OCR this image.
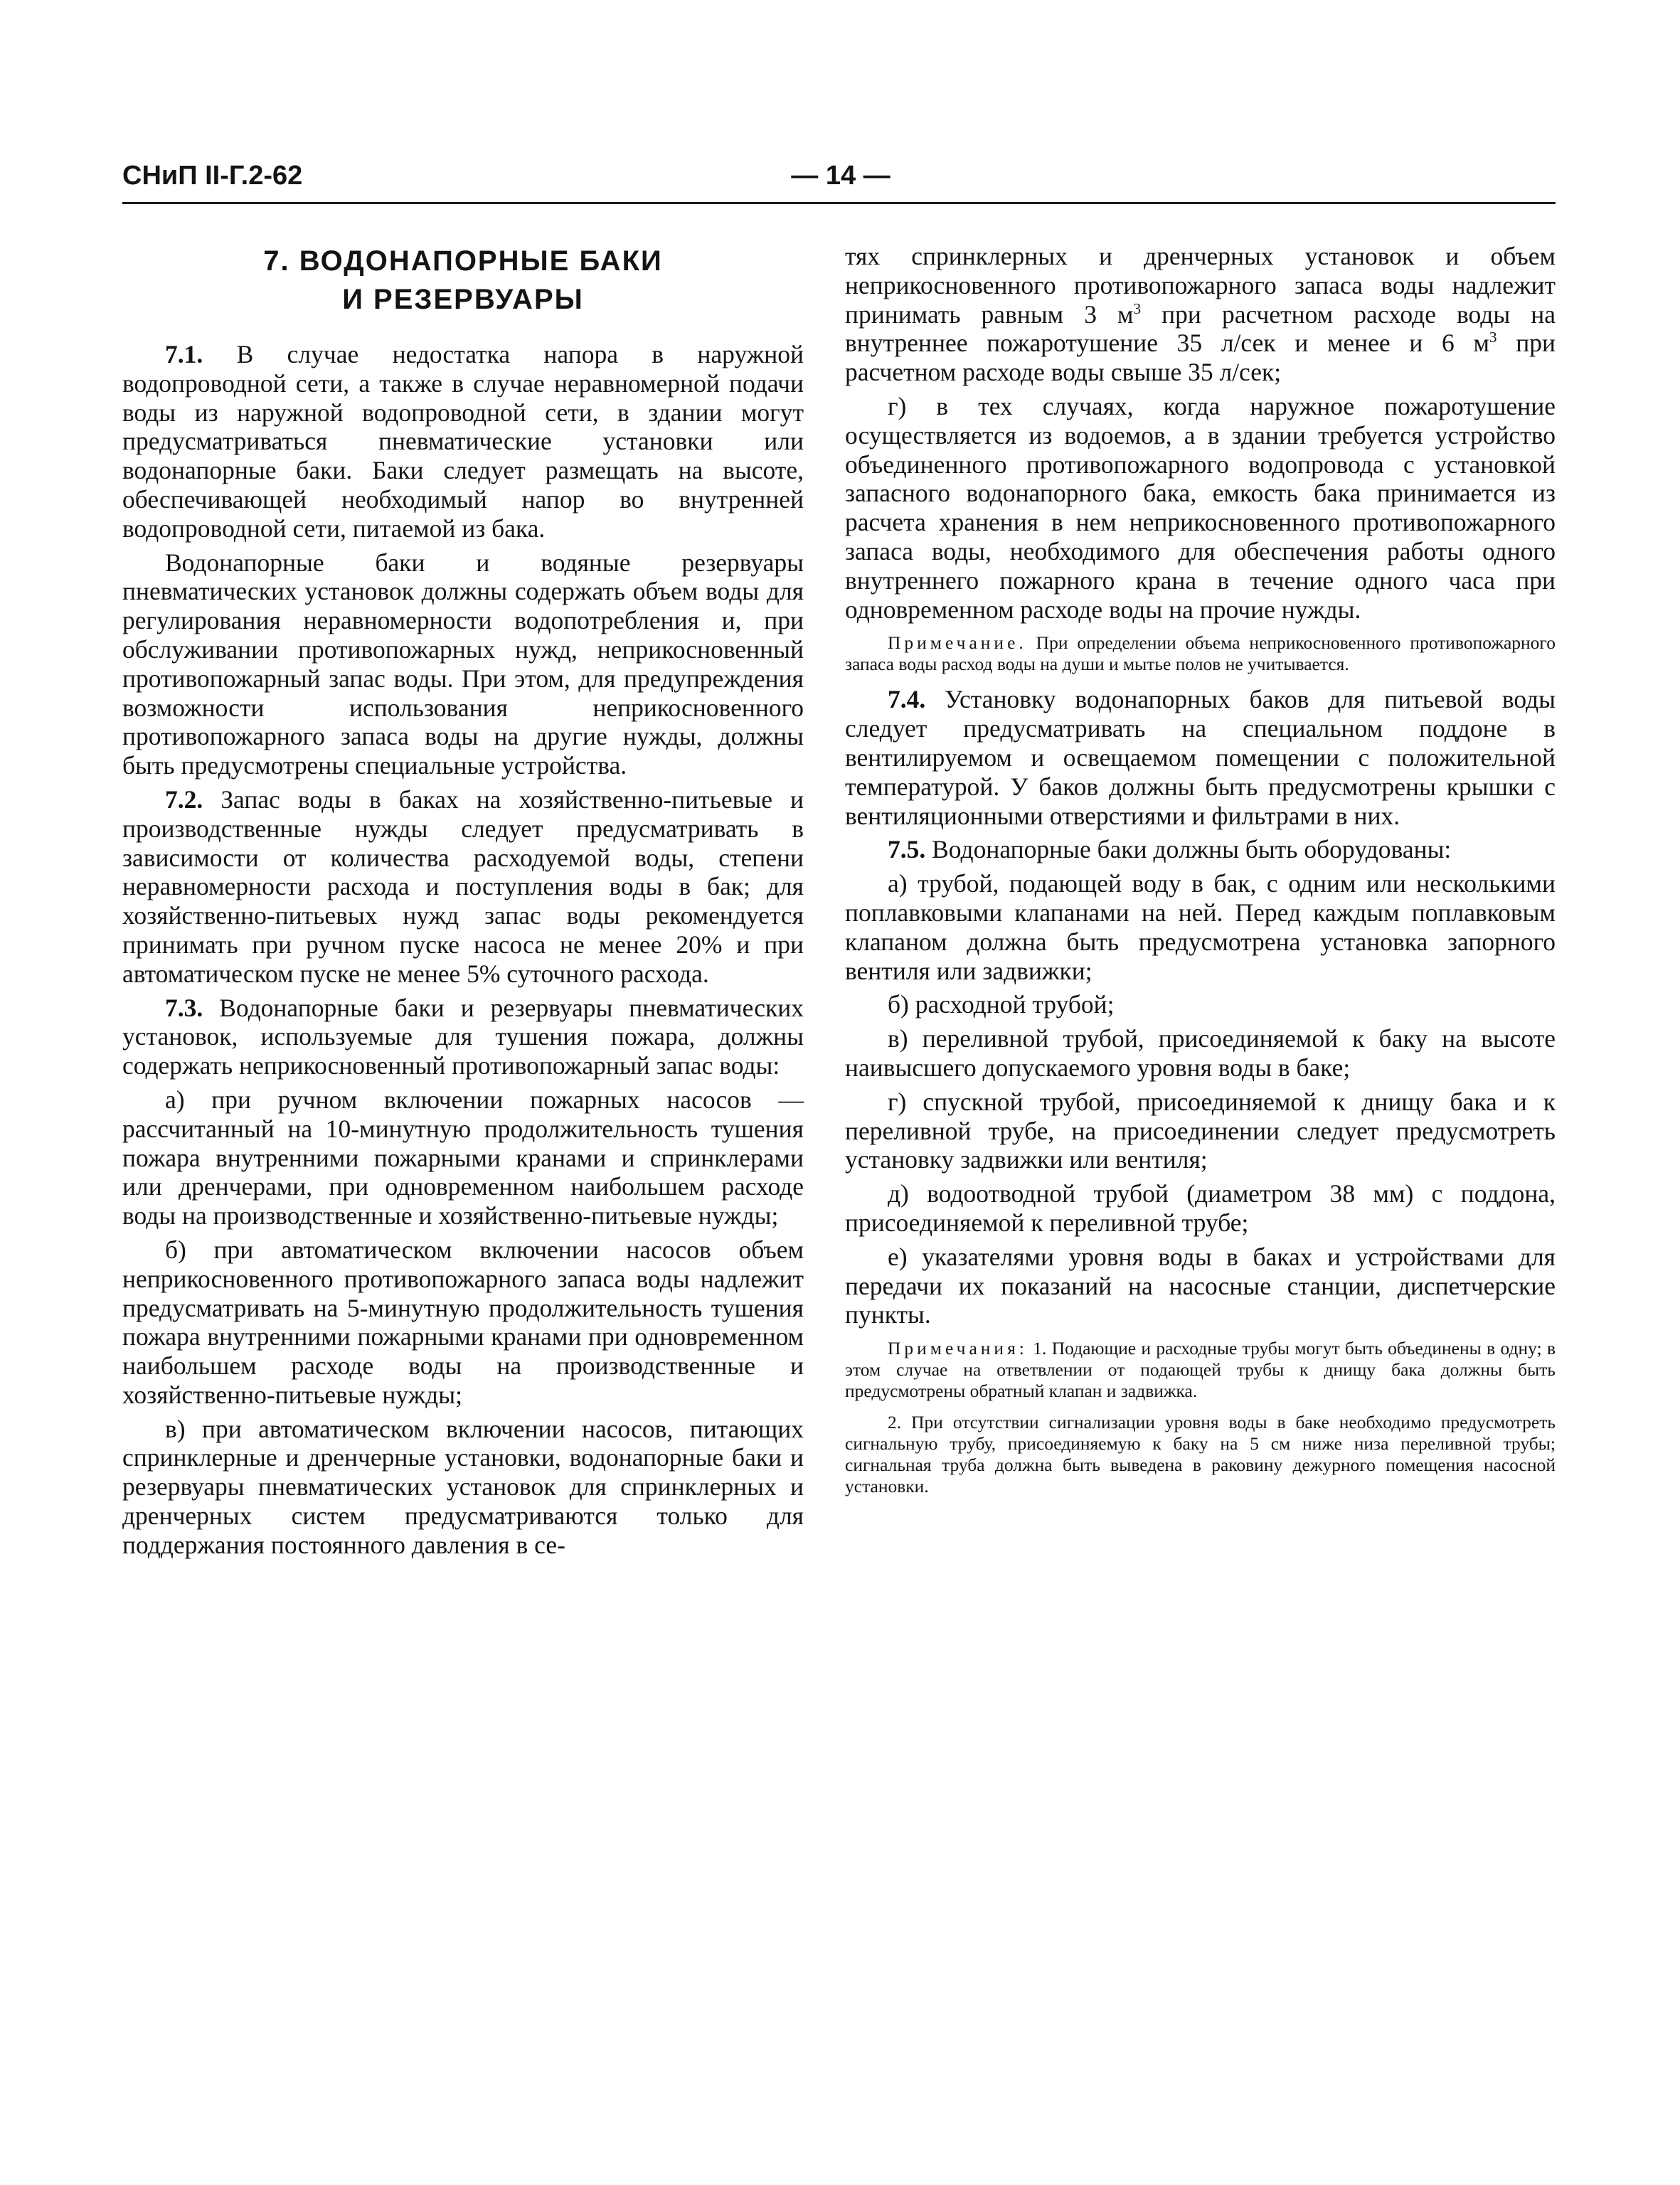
СНиП II-Г.2-62	— 14 —
7. ВОДОНАПОРНЫЕ БАКИ
И РЕЗЕРВУАРЫ

7.1. В случае недостатка напора в наружной водопроводной сети, а также в случае неравномерной подачи воды из наружной водопроводной сети, в здании могут предусматриваться пневматические установки или водонапорные баки. Баки следует размещать на высоте, обеспечивающей необходимый напор во внутренней водопроводной сети, питаемой из бака.

Водонапорные баки и водяные резервуары пневматических установок должны содержать объем воды для регулирования неравномерности водопотребления и, при обслуживании противопожарных нужд, неприкосновенный противопожарный запас воды. При этом, для предупреждения возможности использования неприкосновенного противопожарного запаса воды на другие нужды, должны быть предусмотрены специальные устройства.

7.2. Запас воды в баках на хозяйственно-питьевые и производственные нужды следует предусматривать в зависимости от количества расходуемой воды, степени неравномерности расхода и поступления воды в бак; для хозяйственно-питьевых нужд запас воды рекомендуется принимать при ручном пуске насоса не менее 20% и при автоматическом пуске не менее 5% суточного расхода.

7.3. Водонапорные баки и резервуары пневматических установок, используемые для тушения пожара, должны содержать неприкосновенный противопожарный запас воды:

а) при ручном включении пожарных насосов — рассчитанный на 10-минутную продолжительность тушения пожара внутренними пожарными кранами и спринклерами или дренчерами, при одновременном наибольшем расходе воды на производственные и хозяйственно-питьевые нужды;

б) при автоматическом включении насосов объем неприкосновенного противопожарного запаса воды надлежит предусматривать на 5-минутную продолжительность тушения пожара внутренними пожарными кранами при одновременном наибольшем расходе воды на производственные и хозяйственно-питьевые нужды;

в) при автоматическом включении насосов, питающих спринклерные и дренчерные установки, водонапорные баки и резервуары пневматических установок для спринклерных и дренчерных систем предусматриваются только для поддержания постоянного давления в се-

тях спринклерных и дренчерных установок и объем неприкосновенного противопожарного запаса воды надлежит принимать равным 3 $м^3$ при расчетном расходе воды на внутреннее пожаротушение 35 л/сек и менее и 6 $м^3$ при расчетном расходе воды свыше 35 л/сек;

г) в тех случаях, когда наружное пожаротушение осуществляется из водоемов, а в здании требуется устройство объединенного противопожарного водопровода с установкой запасного водонапорного бака, емкость бака принимается из расчета хранения в нем неприкосновенного противопожарного запаса воды, необходимого для обеспечения работы одного внутреннего пожарного крана в течение одного часа при одновременном расходе воды на прочие нужды.

Примечание. При определении объема неприкосновенного противопожарного запаса воды расход воды на души и мытье полов не учитывается.

7.4. Установку водонапорных баков для питьевой воды следует предусматривать на специальном поддоне в вентилируемом и освещаемом помещении с положительной температурой. У баков должны быть предусмотрены крышки с вентиляционными отверстиями и фильтрами в них.

7.5. Водонапорные баки должны быть оборудованы:

а) трубой, подающей воду в бак, с одним или несколькими поплавковыми клапанами на ней. Перед каждым поплавковым клапаном должна быть предусмотрена установка запорного вентиля или задвижки;

б) расходной трубой;

в) переливной трубой, присоединяемой к баку на высоте наивысшего допускаемого уровня воды в баке;

г) спускной трубой, присоединяемой к днищу бака и к переливной трубе, на присоединении следует предусмотреть установку задвижки или вентиля;

д) водоотводной трубой (диаметром 38 мм) с поддона, присоединяемой к переливной трубе;

е) указателями уровня воды в баках и устройствами для передачи их показаний на насосные станции, диспетчерские пункты.

Примечания: 1. Подающие и расходные трубы могут быть объединены в одну; в этом случае на ответвлении от подающей трубы к днищу бака должны быть предусмотрены обратный клапан и задвижка.

2. При отсутствии сигнализации уровня воды в баке необходимо предусмотреть сигнальную трубу, присоединяемую к баку на 5 см ниже низа переливной трубы; сигнальная труба должна быть выведена в раковину дежурного помещения насосной установки.
